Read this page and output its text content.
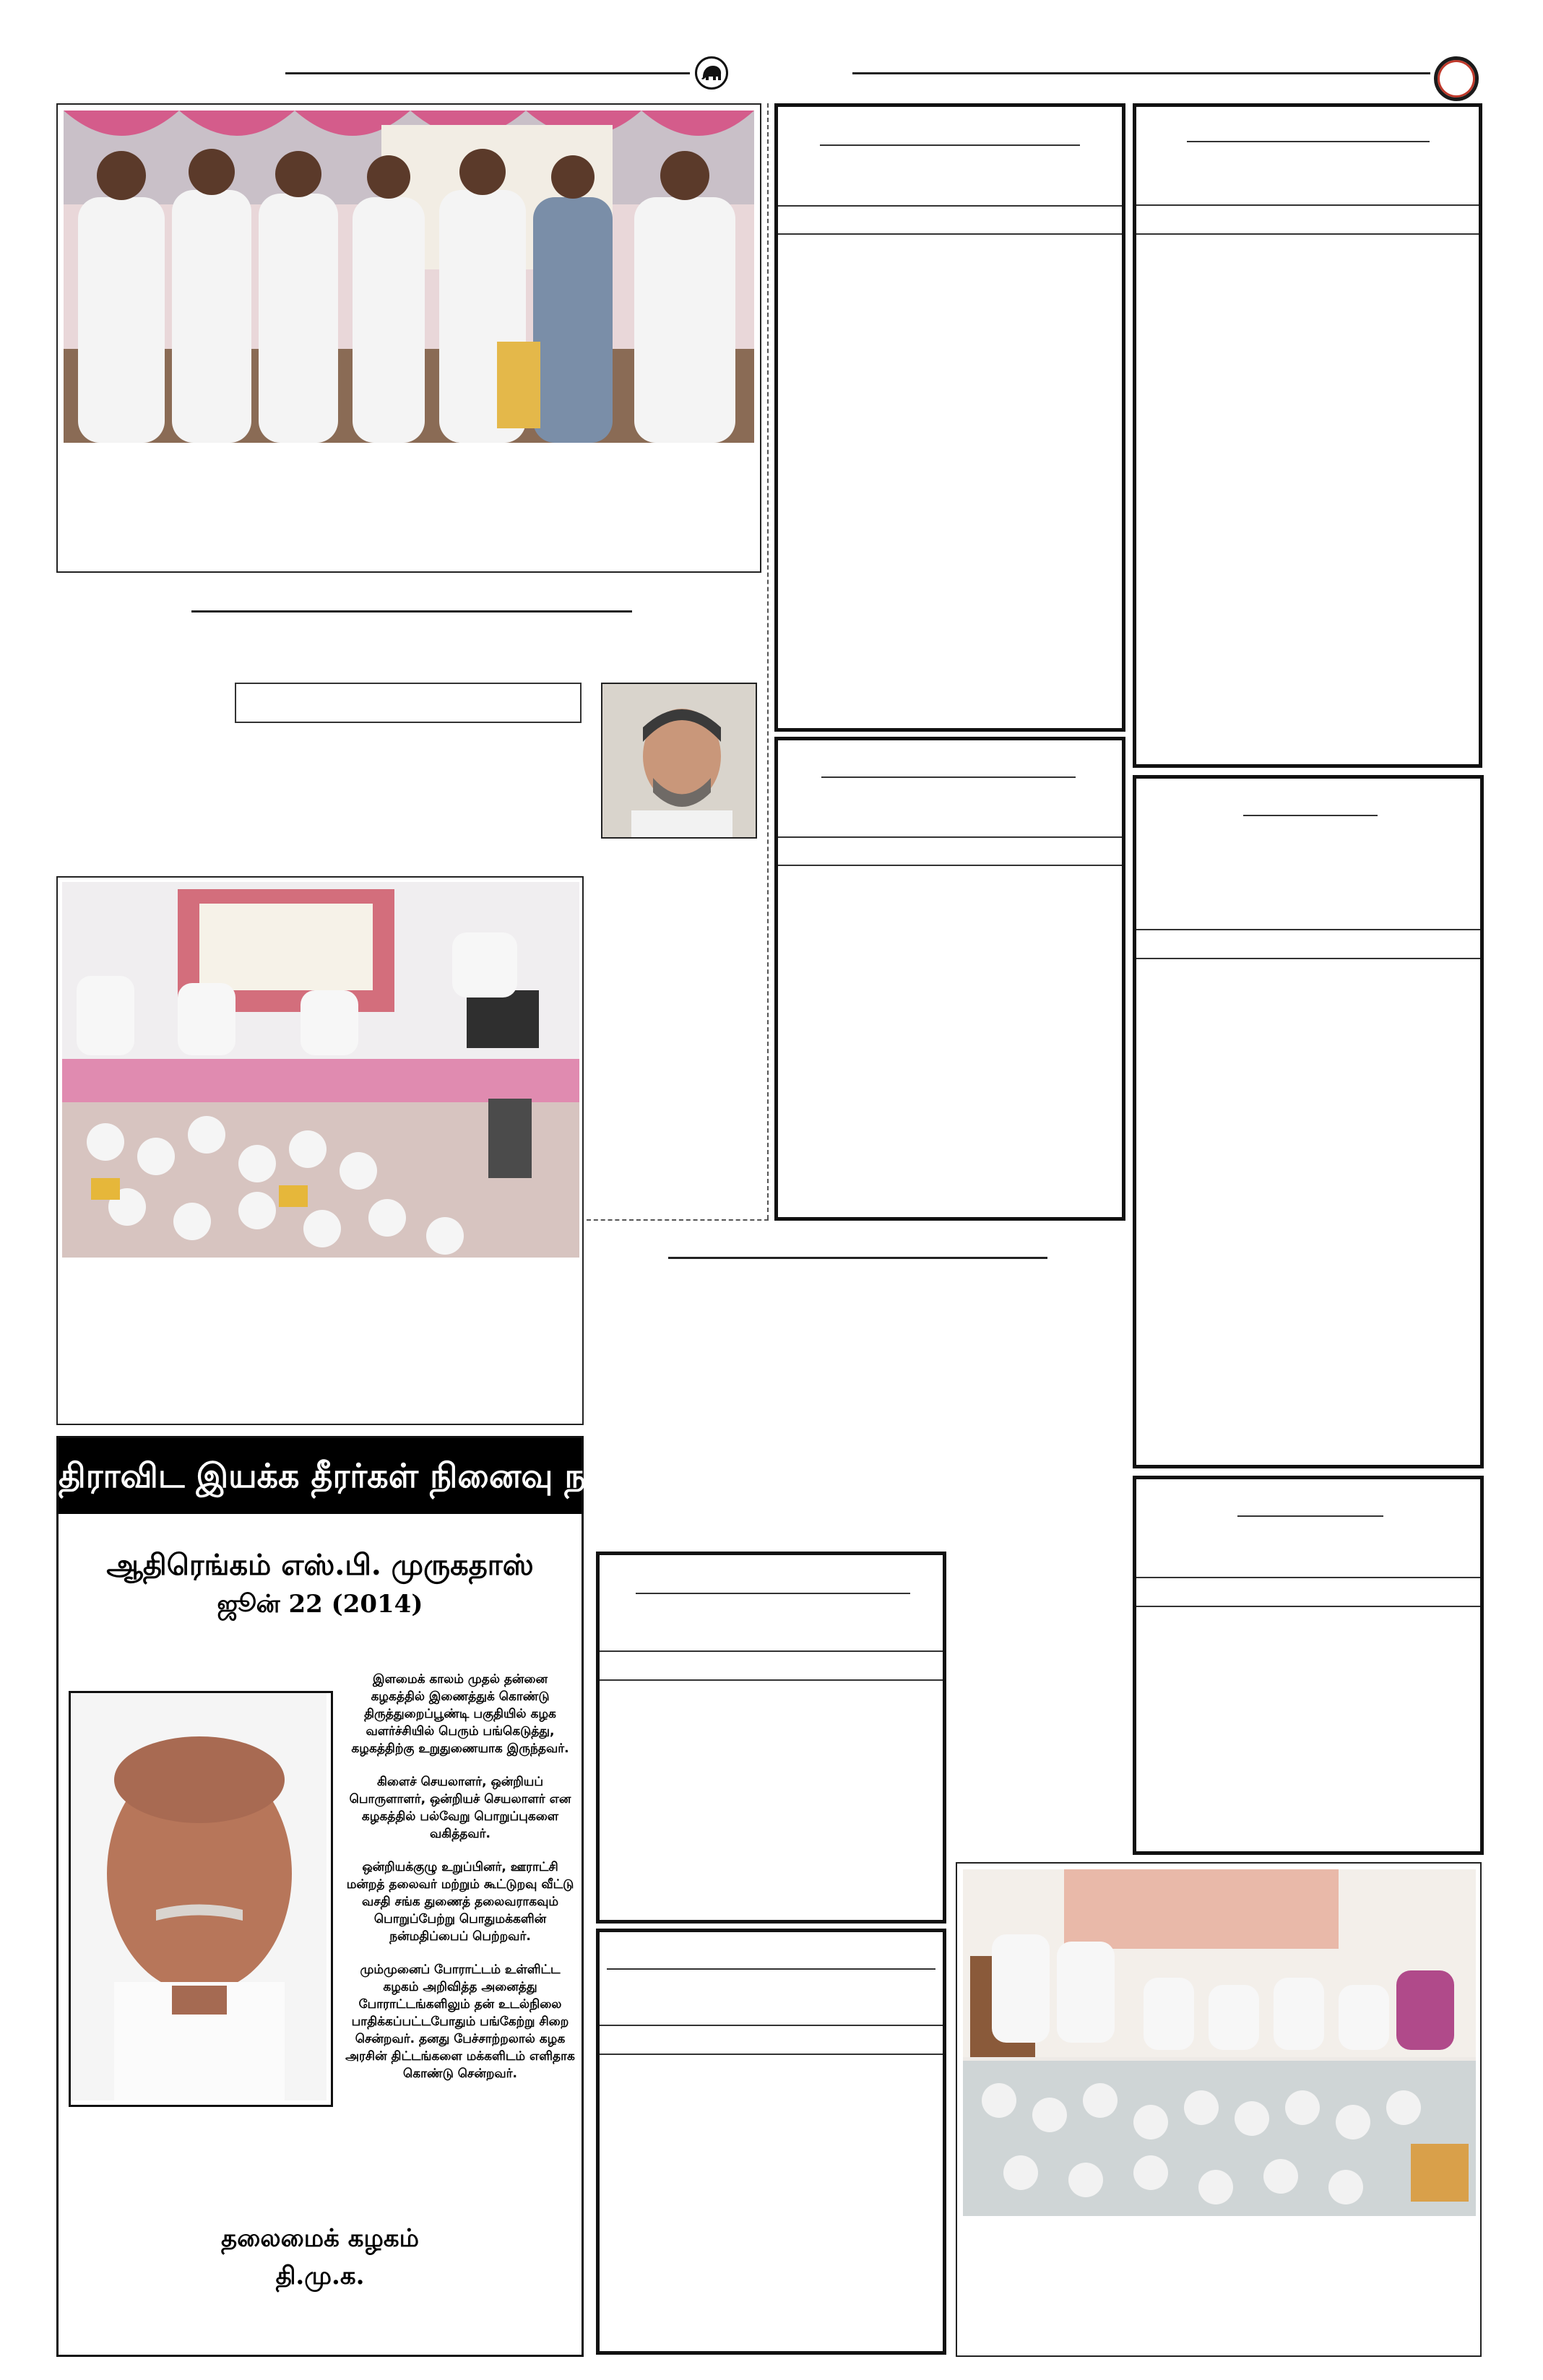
திராவிட இயக்க தீரர்கள் நினைவு நாள்
ஆதிரெங்கம் எஸ்.பி. முருகதாஸ்
ஜூன் 22 (2014)

இளமைக் காலம் முதல் தன்னை கழகத்தில் இணைத்துக் கொண்டு திருத்துறைப்பூண்டி பகுதியில் கழக வளர்ச்சியில் பெரும் பங்கெடுத்து, கழகத்திற்கு உறுதுணையாக இருந்தவர்.

கிளைச் செயலாளர், ஒன்றியப் பொருளாளர், ஒன்றியச் செயலாளர் என கழகத்தில் பல்வேறு பொறுப்புகளை வகித்தவர்.

ஒன்றியக்குழு உறுப்பினர், ஊராட்சி மன்றத் தலைவர் மற்றும் கூட்டுறவு வீட்டு வசதி சங்க துணைத் தலைவராகவும் பொறுப்பேற்று பொதுமக்களின் நன்மதிப்பைப் பெற்றவர்.

மும்முனைப் போராட்டம் உள்ளிட்ட கழகம் அறிவித்த அனைத்து போராட்டங்களிலும் தன் உடல்நிலை பாதிக்கப்பட்டபோதும் பங்கேற்று சிறை சென்றவர். தனது பேச்சாற்றலால் கழக அரசின் திட்டங்களை மக்களிடம் எளிதாக கொண்டு சென்றவர்.

தலைமைக் கழகம்
தி.மு.க.
